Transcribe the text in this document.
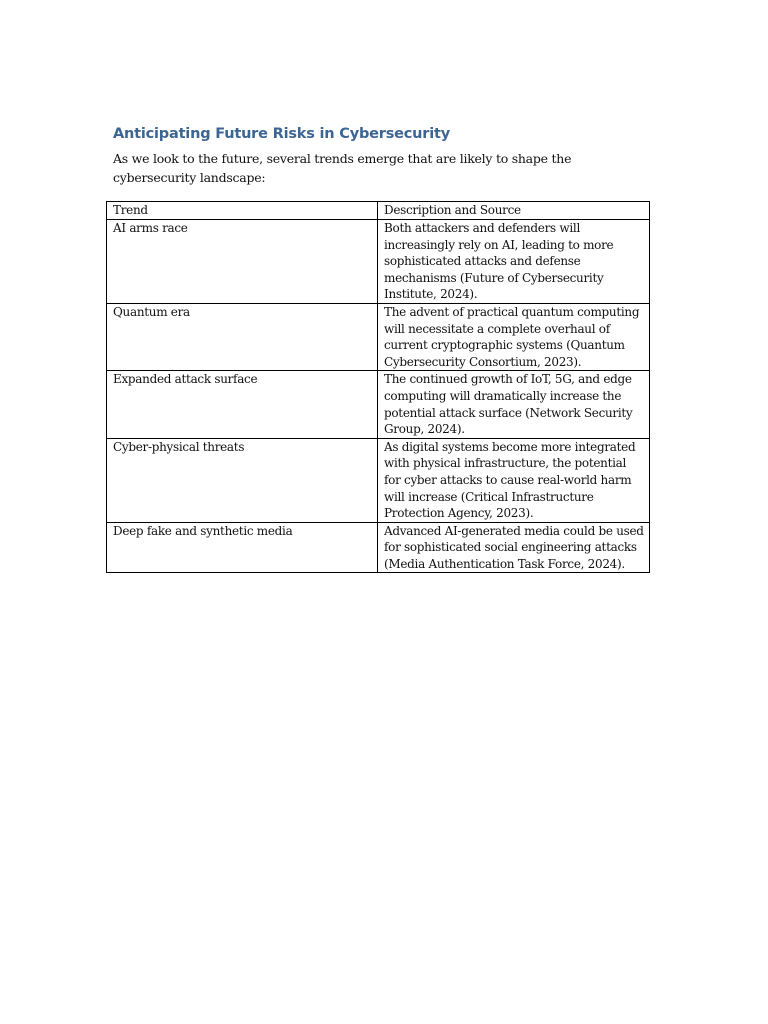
Anticipating Future Risks in Cybersecurity

As we look to the future, several trends emerge that are likely to shape the cybersecurity landscape:

Trend	Description and Source
AI arms race	Both attackers and defenders will increasingly rely on AI, leading to more sophisticated attacks and defense mechanisms (Future of Cybersecurity Institute, 2024).
Quantum era	The advent of practical quantum computing will necessitate a complete overhaul of current cryptographic systems (Quantum Cybersecurity Consortium, 2023).
Expanded attack surface	The continued growth of IoT, 5G, and edge computing will dramatically increase the potential attack surface (Network Security Group, 2024).
Cyber-physical threats	As digital systems become more integrated with physical infrastructure, the potential for cyber attacks to cause real-world harm will increase (Critical Infrastructure Protection Agency, 2023).
Deep fake and synthetic media	Advanced AI-generated media could be used for sophisticated social engineering attacks (Media Authentication Task Force, 2024).
